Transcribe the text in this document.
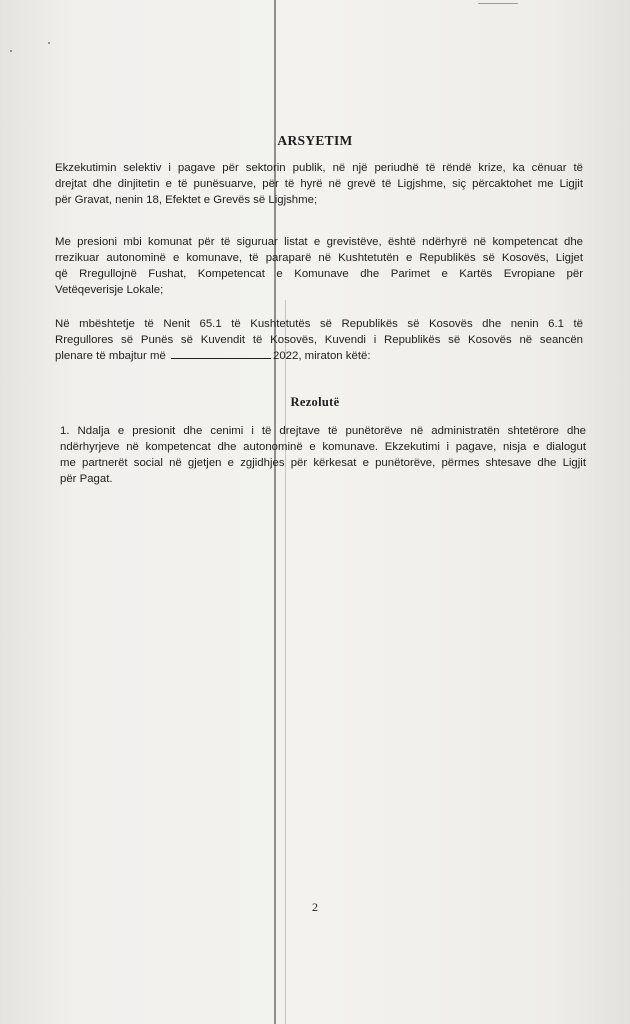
ARSYETIM
Ekzekutimin selektiv i pagave për sektorin publik, në një periudhë të rëndë krize, ka cënuar të
drejtat dhe dinjitetin e të punësuarve, për të hyrë në grevë të Ligjshme, siç përcaktohet me Ligjit
për Gravat, nenin 18, Efektet e Grevës së Ligjshme;
Me presioni mbi komunat për të siguruar listat e grevistëve, është ndërhyrë në kompetencat dhe
rrezikuar autonominë e komunave, të paraparë në Kushtetutën e Republikës së Kosovës, Ligjet
që Rregullojnë Fushat, Kompetencat e Komunave dhe Parimet e Kartës Evropiane për
Vetëqeverisje Lokale;
Në mbështetje të Nenit 65.1 të Kushtetutës së Republikës së Kosovës dhe nenin 6.1 të
Rregullores së Punës së Kuvendit të Kosovës, Kuvendi i Republikës së Kosovës në seancën
plenare të mbajtur më	2022, miraton këtë:
Rezolutë
1. Ndalja e presionit dhe cenimi i të drejtave të punëtorëve në administratën shtetërore dhe
ndërhyrjeve në kompetencat dhe autonominë e komunave. Ekzekutimi i pagave, nisja e dialogut
me partnerët social në gjetjen e zgjidhjes për kërkesat e punëtorëve, përmes shtesave dhe Ligjit
për Pagat.
2
